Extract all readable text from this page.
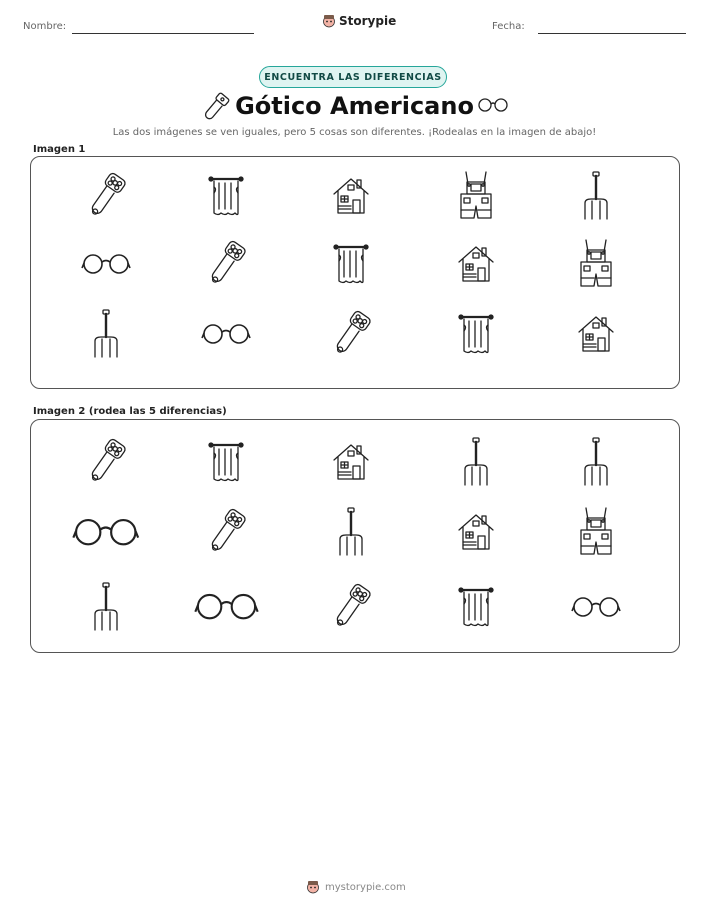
Nombre:	Storypie	Fecha:
ENCUENTRA LAS DIFERENCIAS
Gótico Americano
Las dos imágenes se ven iguales, pero 5 cosas son diferentes. ¡Rodealas en la imagen de abajo!
Imagen 1
Imagen 2 (rodea las 5 diferencias)
mystorypie.com
